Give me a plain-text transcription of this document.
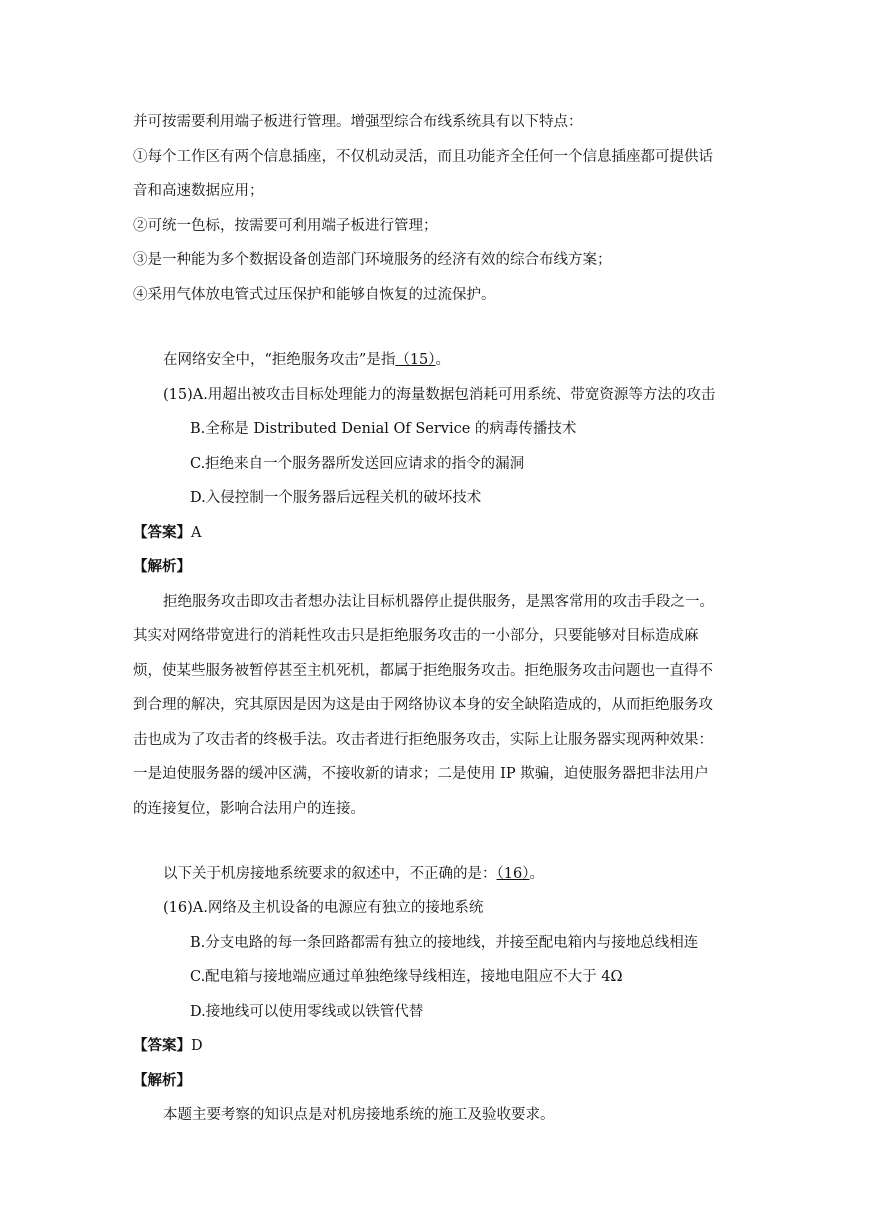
并可按需要利用端子板进行管理。增强型综合布线系统具有以下特点：
①每个工作区有两个信息插座，不仅机动灵活，而且功能齐全任何一个信息插座都可提供话
音和高速数据应用；
②可统一色标，按需要可利用端子板进行管理；
③是一种能为多个数据设备创造部门环境服务的经济有效的综合布线方案；
④采用气体放电管式过压保护和能够自恢复的过流保护。
在网络安全中，“拒绝服务攻击”是指（15）。
(15)A.用超出被攻击目标处理能力的海量数据包消耗可用系统、带宽资源等方法的攻击
B.全称是 Distributed Denial Of Service 的病毒传播技术
C.拒绝来自一个服务器所发送回应请求的指令的漏洞
D.入侵控制一个服务器后远程关机的破坏技术
【答案】A
【解析】
拒绝服务攻击即攻击者想办法让目标机器停止提供服务，是黑客常用的攻击手段之一。
其实对网络带宽进行的消耗性攻击只是拒绝服务攻击的一小部分，只要能够对目标造成麻
烦，使某些服务被暂停甚至主机死机，都属于拒绝服务攻击。拒绝服务攻击问题也一直得不
到合理的解决，究其原因是因为这是由于网络协议本身的安全缺陷造成的，从而拒绝服务攻
击也成为了攻击者的终极手法。攻击者进行拒绝服务攻击，实际上让服务器实现两种效果：
一是迫使服务器的缓冲区满，不接收新的请求；二是使用 IP 欺骗，迫使服务器把非法用户
的连接复位，影响合法用户的连接。
以下关于机房接地系统要求的叙述中，不正确的是：（16）。
(16)A.网络及主机设备的电源应有独立的接地系统
B.分支电路的每一条回路都需有独立的接地线，并接至配电箱内与接地总线相连
C.配电箱与接地端应通过单独绝缘导线相连，接地电阻应不大于 4Ω
D.接地线可以使用零线或以铁管代替
【答案】D
【解析】
本题主要考察的知识点是对机房接地系统的施工及验收要求。
